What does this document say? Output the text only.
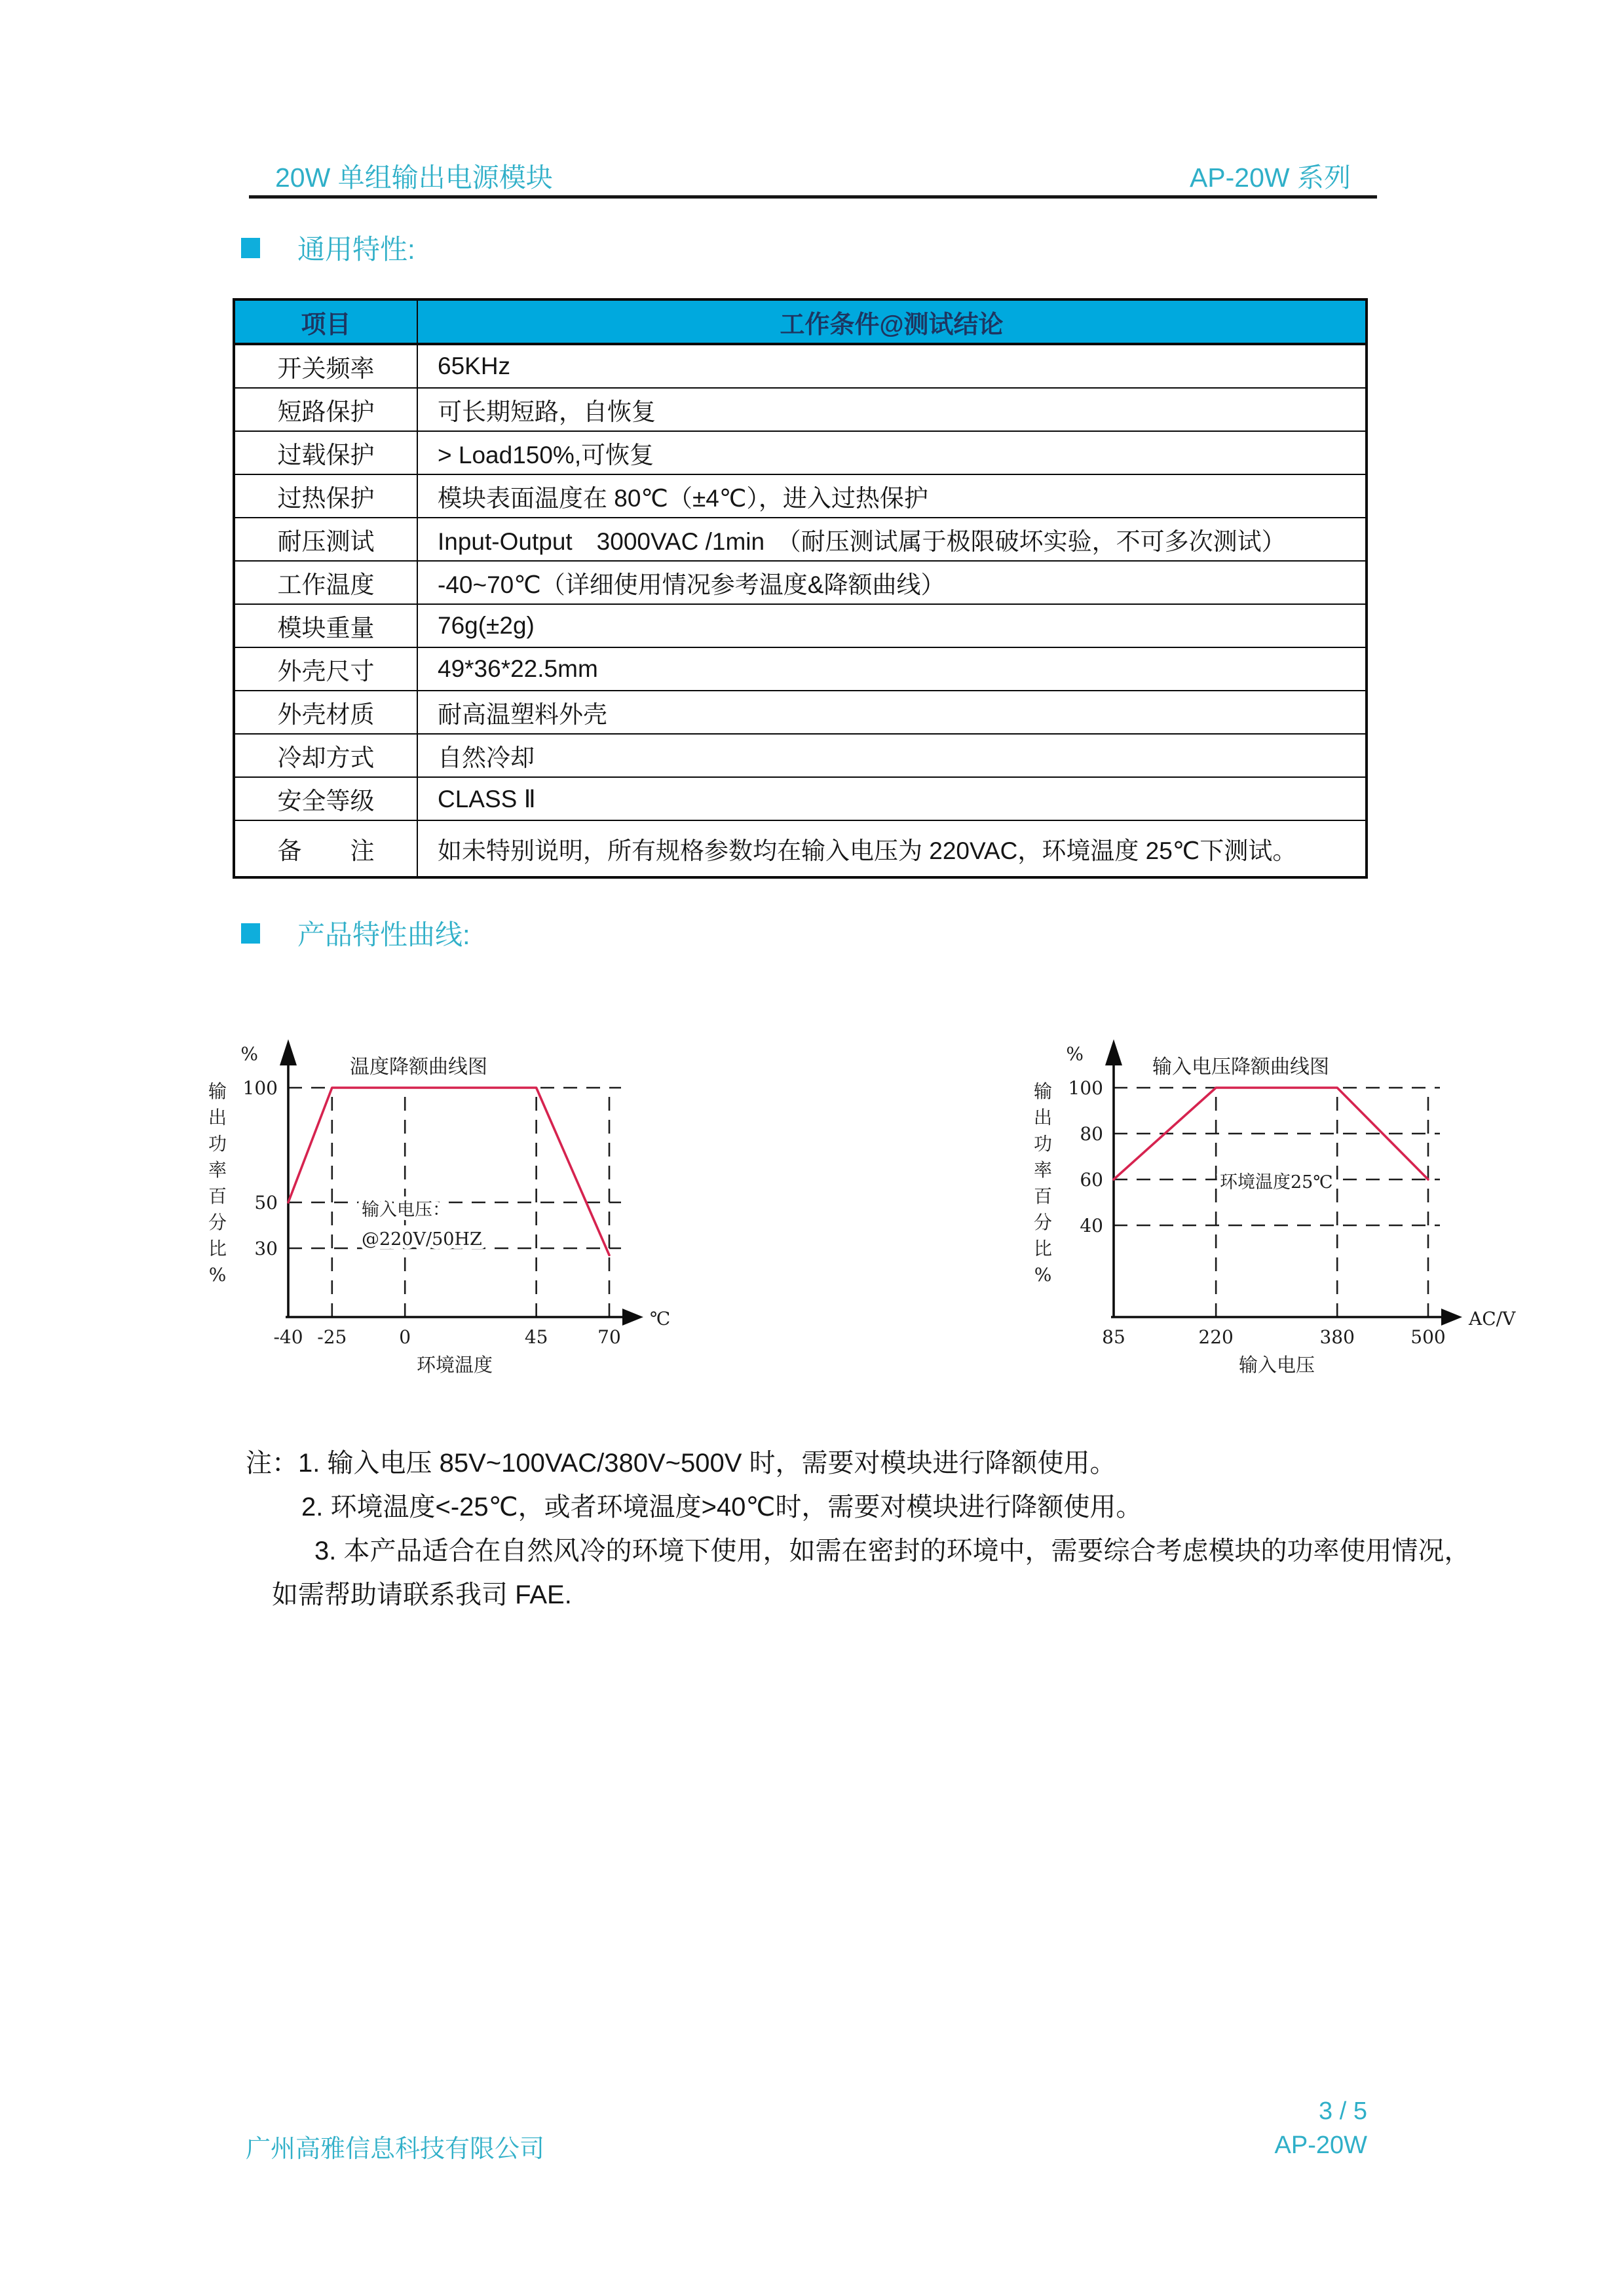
20W 单组输出电源模块	AP-20W 系列
通用特性:
项目	工作条件@测试结论
开关频率	65KHz
短路保护	可长期短路，自恢复
过载保护	> Load150%,可恢复
过热保护	模块表面温度在 80℃（±4℃），进入过热保护
耐压测试	Input-Output　3000VAC /1min　（耐压测试属于极限破坏实验，不可多次测试）
工作温度	-40~70℃（详细使用情况参考温度&降额曲线）
模块重量	76g(±2g)
外壳尺寸	49*36*22.5mm
外壳材质	耐高温塑料外壳
冷却方式	自然冷却
安全等级	CLASS Ⅱ
备　　注	如未特别说明，所有规格参数均在输入电压为 220VAC，环境温度 25℃下测试。
产品特性曲线:
100
50
30
-40 -25	0	45	70
%
℃
温度降额曲线图
输
出
功
率
百
分
比
%
环境温度
输入电压：
@220V/50HZ
100
80
60
40
85	220	380	500
%
AC/V
输入电压降额曲线图
输
出
功
率
百
分
比
%
输入电压
环境温度25℃
注：1. 输入电压 85V~100VAC/380V~500V 时，需要对模块进行降额使用。
2. 环境温度<-25℃，或者环境温度>40℃时，需要对模块进行降额使用。
3. 本产品适合在自然风冷的环境下使用，如需在密封的环境中，需要综合考虑模块的功率使用情况，
如需帮助请联系我司 FAE.
广州高雅信息科技有限公司
3 / 5
AP-20W
